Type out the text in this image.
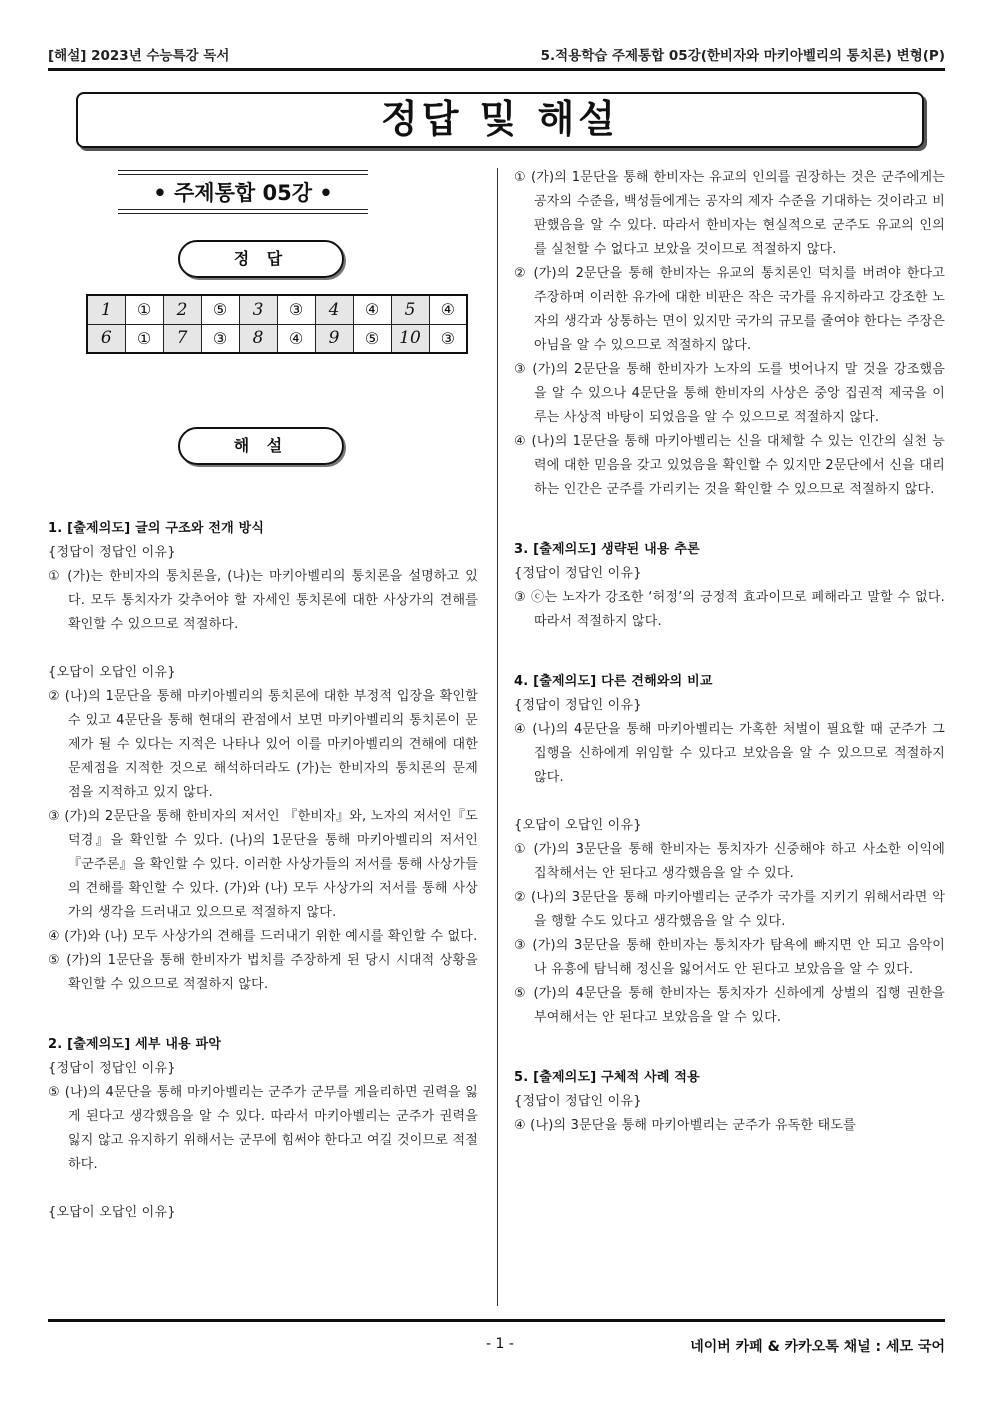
[해설] 2023년 수능특강 독서	5.적용학습 주제통합 05강(한비자와 마키아벨리의 통치론) 변형(P)
정답 및 해설
• 주제통합 05강 •
정 답
1	①	2	⑤	3	③	4	④	5	④
6	①	7	③	8	④	9	⑤	10	③
해 설
1. [출제의도] 글의 구조와 전개 방식
{정답이 정답인 이유}
① (가)는 한비자의 통치론을, (나)는 마키아벨리의 통치론을 설명하고 있다. 모두 통치자가 갖추어야 할 자세인 통치론에 대한 사상가의 견해를 확인할 수 있으므로 적절하다.
{오답이 오답인 이유}
② (나)의 1문단을 통해 마키아벨리의 통치론에 대한 부정적 입장을 확인할 수 있고 4문단을 통해 현대의 관점에서 보면 마키아벨리의 통치론이 문제가 될 수 있다는 지적은 나타나 있어 이를 마키아벨리의 견해에 대한 문제점을 지적한 것으로 해석하더라도 (가)는 한비자의 통치론의 문제점을 지적하고 있지 않다.
③ (가)의 2문단을 통해 한비자의 저서인 『한비자』와, 노자의 저서인『도덕경』을 확인할 수 있다. (나)의 1문단을 통해 마키아벨리의 저서인『군주론』을 확인할 수 있다. 이러한 사상가들의 저서를 통해 사상가들의 견해를 확인할 수 있다. (가)와 (나) 모두 사상가의 저서를 통해 사상가의 생각을 드러내고 있으므로 적절하지 않다.
④ (가)와 (나) 모두 사상가의 견해를 드러내기 위한 예시를 확인할 수 없다.
⑤ (가)의 1문단을 통해 한비자가 법치를 주장하게 된 당시 시대적 상황을 확인할 수 있으므로 적절하지 않다.
2. [출제의도] 세부 내용 파악
{정답이 정답인 이유}
⑤ (나)의 4문단을 통해 마키아벨리는 군주가 군무를 게을리하면 권력을 잃게 된다고 생각했음을 알 수 있다. 따라서 마키아벨리는 군주가 권력을 잃지 않고 유지하기 위해서는 군무에 힘써야 한다고 여길 것이므로 적절하다.
{오답이 오답인 이유}
① (가)의 1문단을 통해 한비자는 유교의 인의를 권장하는 것은 군주에게는 공자의 수준을, 백성들에게는 공자의 제자 수준을 기대하는 것이라고 비판했음을 알 수 있다. 따라서 한비자는 현실적으로 군주도 유교의 인의를 실천할 수 없다고 보았을 것이므로 적절하지 않다.
② (가)의 2문단을 통해 한비자는 유교의 통치론인 덕치를 버려야 한다고 주장하며 이러한 유가에 대한 비판은 작은 국가를 유지하라고 강조한 노자의 생각과 상통하는 면이 있지만 국가의 규모를 줄여야 한다는 주장은 아님을 알 수 있으므로 적절하지 않다.
③ (가)의 2문단을 통해 한비자가 노자의 도를 벗어나지 말 것을 강조했음을 알 수 있으나 4문단을 통해 한비자의 사상은 중앙 집권적 제국을 이루는 사상적 바탕이 되었음을 알 수 있으므로 적절하지 않다.
④ (나)의 1문단을 통해 마키아벨리는 신을 대체할 수 있는 인간의 실천 능력에 대한 믿음을 갖고 있었음을 확인할 수 있지만 2문단에서 신을 대리하는 인간은 군주를 가리키는 것을 확인할 수 있으므로 적절하지 않다.
3. [출제의도] 생략된 내용 추론
{정답이 정답인 이유}
③ ⓒ는 노자가 강조한 ‘허정’의 긍정적 효과이므로 폐해라고 말할 수 없다. 따라서 적절하지 않다.
4. [출제의도] 다른 견해와의 비교
{정답이 정답인 이유}
④ (나)의 4문단을 통해 마키아벨리는 가혹한 처벌이 필요할 때 군주가 그 집행을 신하에게 위임할 수 있다고 보았음을 알 수 있으므로 적절하지 않다.
{오답이 오답인 이유}
① (가)의 3문단을 통해 한비자는 통치자가 신중해야 하고 사소한 이익에 집착해서는 안 된다고 생각했음을 알 수 있다.
② (나)의 3문단을 통해 마키아벨리는 군주가 국가를 지키기 위해서라면 악을 행할 수도 있다고 생각했음을 알 수 있다.
③ (가)의 3문단을 통해 한비자는 통치자가 탐욕에 빠지면 안 되고 음악이나 유흥에 탐닉해 정신을 잃어서도 안 된다고 보았음을 알 수 있다.
⑤ (가)의 4문단을 통해 한비자는 통치자가 신하에게 상벌의 집행 권한을 부여해서는 안 된다고 보았음을 알 수 있다.
5. [출제의도] 구체적 사례 적용
{정답이 정답인 이유}
④ (나)의 3문단을 통해 마키아벨리는 군주가 유독한 태도를
- 1 -	네이버 카페 & 카카오톡 채널 : 세모 국어
